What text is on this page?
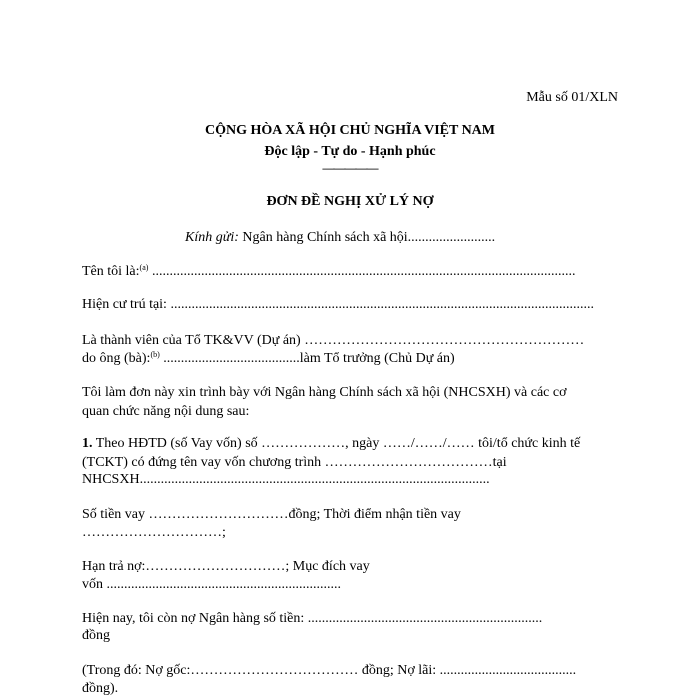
Mẫu số 01/XLN
CỘNG HÒA XÃ HỘI CHỦ NGHĨA VIỆT NAM
Độc lập - Tự do - Hạnh phúc
—————
ĐƠN ĐỀ NGHỊ XỬ LÝ NỢ
Kính gửi: Ngân hàng Chính sách xã hội.........................
Tên tôi là:$^{(a)}$ .........................................................................................................................
Hiện cư trú tại: .........................................................................................................................
Là thành viên của Tổ TK&VV (Dự án) ……………………………………………………
do ông (bà):$^{(b)}$ .......................................làm Tổ trưởng (Chủ Dự án)
Tôi làm đơn này xin trình bày với Ngân hàng Chính sách xã hội (NHCSXH) và các cơ
quan chức năng nội dung sau:
1. Theo HĐTD (số Vay vốn) số ………………, ngày ……/……/…… tôi/tổ chức kinh tế
(TCKT) có đứng tên vay vốn chương trình ………………………………tại
NHCSXH....................................................................................................
Số tiền vay …………………………đồng; Thời điểm nhận tiền vay
…………………………;
Hạn trả nợ:…………………………; Mục đích vay
vốn ...................................................................
Hiện nay, tôi còn nợ Ngân hàng số tiền: ...................................................................
đồng
(Trong đó: Nợ gốc:……………………………… đồng; Nợ lãi: .......................................
đồng).
